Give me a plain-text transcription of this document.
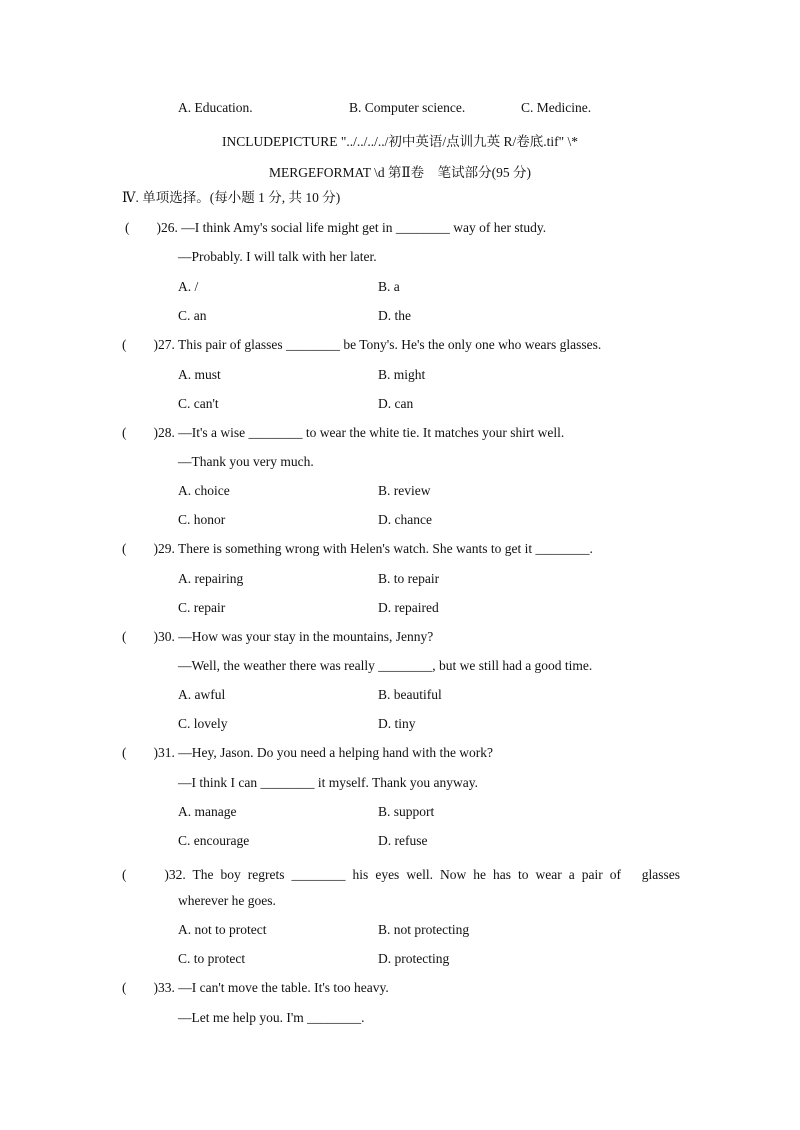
A. Education.	B. Computer science.	C. Medicine.
INCLUDEPICTURE "../../../../初中英语/点训九英 R/卷底.tif" \*
MERGEFORMAT \d 第Ⅱ卷　笔试部分(95 分)
Ⅳ. 单项选择。(每小题 1 分, 共 10 分)
(　　)26. —I think Amy's social life might get in ________ way of her study.
—Probably. I will talk with her later.
A. /	B. a
C. an	D. the
(　　)27. This pair of glasses ________ be Tony's. He's the only one who wears glasses.
A. must	B. might
C. can't	D. can
(　　)28. —It's a wise ________ to wear the white tie. It matches your shirt well.
—Thank you very much.
A. choice	B. review
C. honor	D. chance
(　　)29. There is something wrong with Helen's watch. She wants to get it ________.
A. repairing	B. to repair
C. repair	D. repaired
(　　)30. —How was your stay in the mountains, Jenny?
—Well, the weather there was really ________, but we still had a good time.
A. awful	B. beautiful
C. lovely	D. tiny
(　　)31. —Hey, Jason. Do you need a helping hand with the work?
—I think I can ________ it myself. Thank you anyway.
A. manage	B. support
C. encourage	D. refuse
(　　)32. The boy regrets ________ his eyes well. Now he has to wear a pair of　glasses
wherever he goes.
A. not to protect	B. not protecting
C. to protect	D. protecting
(　　)33. —I can't move the table. It's too heavy.
—Let me help you. I'm ________.
